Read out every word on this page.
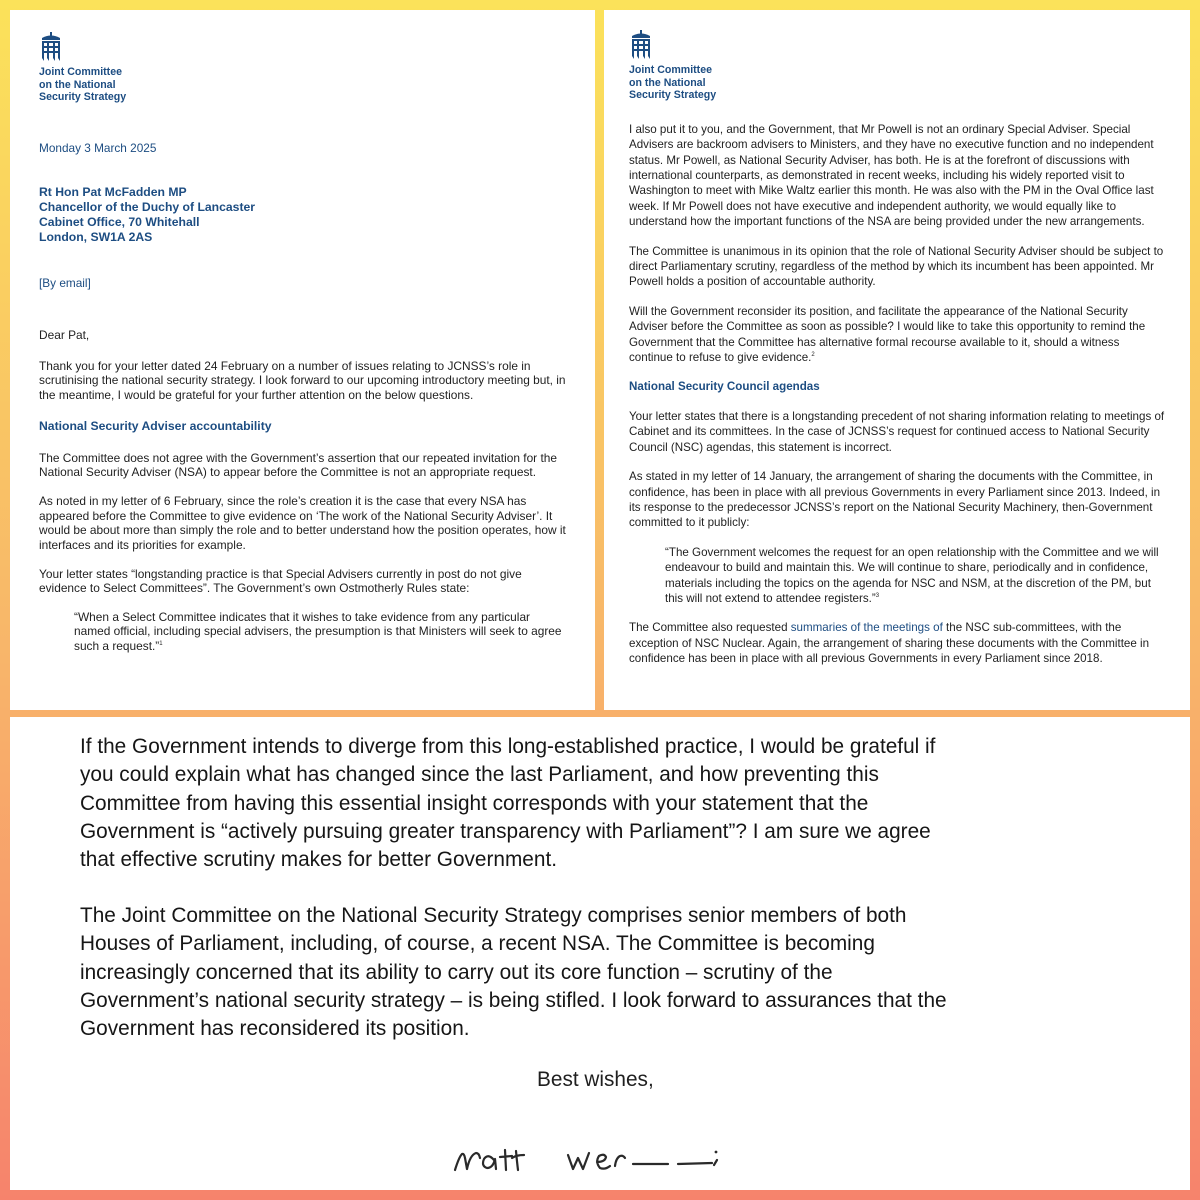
Joint Committee
on the National
Security Strategy
Monday 3 March 2025
Rt Hon Pat McFadden MP
Chancellor of the Duchy of Lancaster
Cabinet Office, 70 Whitehall
London, SW1A 2AS
[By email]

Dear Pat,

Thank you for your letter dated 24 February on a number of issues relating to JCNSS’s role in scrutinising the national security strategy. I look forward to our upcoming introductory meeting but, in the meantime, I would be grateful for your further attention on the below questions.

National Security Adviser accountability

The Committee does not agree with the Government’s assertion that our repeated invitation for the National Security Adviser (NSA) to appear before the Committee is not an appropriate request.

As noted in my letter of 6 February, since the role’s creation it is the case that every NSA has appeared before the Committee to give evidence on ‘The work of the National Security Adviser’. It would be about more than simply the role and to better understand how the position operates, how it interfaces and its priorities for example.

Your letter states “longstanding practice is that Special Advisers currently in post do not give evidence to Select Committees”. The Government’s own Ostmotherly Rules state:

“When a Select Committee indicates that it wishes to take evidence from any particular named official, including special advisers, the presumption is that Ministers will seek to agree such a request.”$^1$

Joint Committee
on the National
Security Strategy

I also put it to you, and the Government, that Mr Powell is not an ordinary Special Adviser. Special Advisers are backroom advisers to Ministers, and they have no executive function and no independent status. Mr Powell, as National Security Adviser, has both. He is at the forefront of discussions with international counterparts, as demonstrated in recent weeks, including his widely reported visit to Washington to meet with Mike Waltz earlier this month. He was also with the PM in the Oval Office last week. If Mr Powell does not have executive and independent authority, we would equally like to understand how the important functions of the NSA are being provided under the new arrangements.

The Committee is unanimous in its opinion that the role of National Security Adviser should be subject to direct Parliamentary scrutiny, regardless of the method by which its incumbent has been appointed. Mr Powell holds a position of accountable authority.

Will the Government reconsider its position, and facilitate the appearance of the National Security Adviser before the Committee as soon as possible? I would like to take this opportunity to remind the Government that the Committee has alternative formal recourse available to it, should a witness continue to refuse to give evidence.$^2$

National Security Council agendas

Your letter states that there is a longstanding precedent of not sharing information relating to meetings of Cabinet and its committees. In the case of JCNSS’s request for continued access to National Security Council (NSC) agendas, this statement is incorrect.

As stated in my letter of 14 January, the arrangement of sharing the documents with the Committee, in confidence, has been in place with all previous Governments in every Parliament since 2013. Indeed, in its response to the predecessor JCNSS’s report on the National Security Machinery, then-Government committed to it publicly:

“The Government welcomes the request for an open relationship with the Committee and we will endeavour to build and maintain this. We will continue to share, periodically and in confidence, materials including the topics on the agenda for NSC and NSM, at the discretion of the PM, but this will not extend to attendee registers.”$^3$

The Committee also requested summaries of the meetings of the NSC sub-committees, with the exception of NSC Nuclear. Again, the arrangement of sharing these documents with the Committee in confidence has been in place with all previous Governments in every Parliament since 2018.

If the Government intends to diverge from this long-established practice, I would be grateful if
you could explain what has changed since the last Parliament, and how preventing this
Committee from having this essential insight corresponds with your statement that the
Government is “actively pursuing greater transparency with Parliament”? I am sure we agree
that effective scrutiny makes for better Government.

The Joint Committee on the National Security Strategy comprises senior members of both
Houses of Parliament, including, of course, a recent NSA. The Committee is becoming
increasingly concerned that its ability to carry out its core function – scrutiny of the
Government’s national security strategy – is being stifled. I look forward to assurances that the
Government has reconsidered its position.

Best wishes,
